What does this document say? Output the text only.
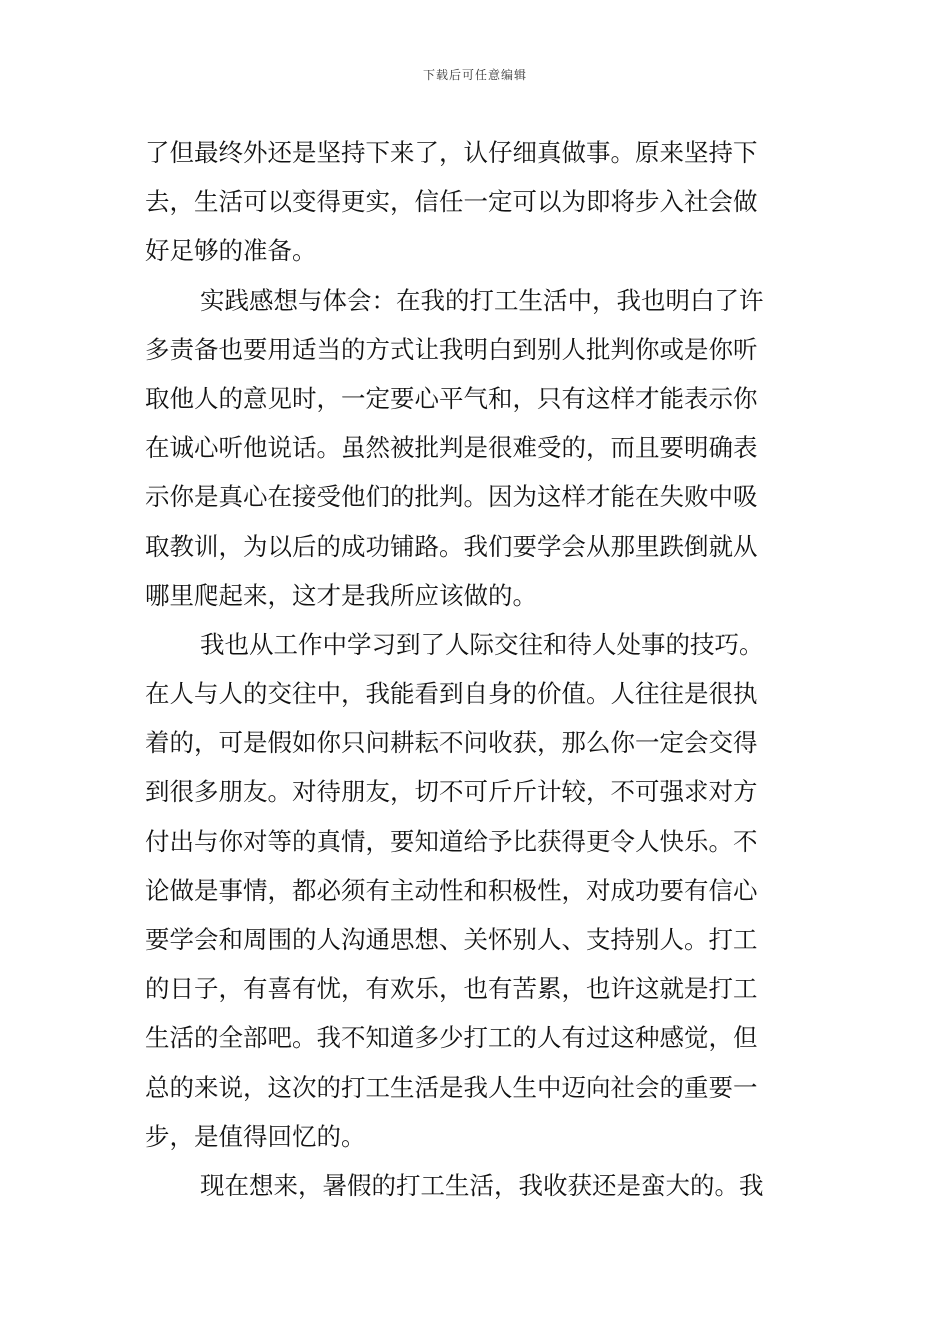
下载后可任意编辑
了但最终外还是坚持下来了，认仔细真做事。原来坚持下
去，生活可以变得更实，信任一定可以为即将步入社会做
好足够的准备。
实践感想与体会：在我的打工生活中，我也明白了许
多责备也要用适当的方式让我明白到别人批判你或是你听
取他人的意见时，一定要心平气和，只有这样才能表示你
在诚心听他说话。虽然被批判是很难受的，而且要明确表
示你是真心在接受他们的批判。因为这样才能在失败中吸
取教训，为以后的成功铺路。我们要学会从那里跌倒就从
哪里爬起来，这才是我所应该做的。
我也从工作中学习到了人际交往和待人处事的技巧。
在人与人的交往中，我能看到自身的价值。人往往是很执
着的，可是假如你只问耕耘不问收获，那么你一定会交得
到很多朋友。对待朋友，切不可斤斤计较，不可强求对方
付出与你对等的真情，要知道给予比获得更令人快乐。不
论做是事情，都必须有主动性和积极性，对成功要有信心
要学会和周围的人沟通思想、关怀别人、支持别人。打工
的日子，有喜有忧，有欢乐，也有苦累，也许这就是打工
生活的全部吧。我不知道多少打工的人有过这种感觉，但
总的来说，这次的打工生活是我人生中迈向社会的重要一
步，是值得回忆的。
现在想来，暑假的打工生活，我收获还是蛮大的。我
